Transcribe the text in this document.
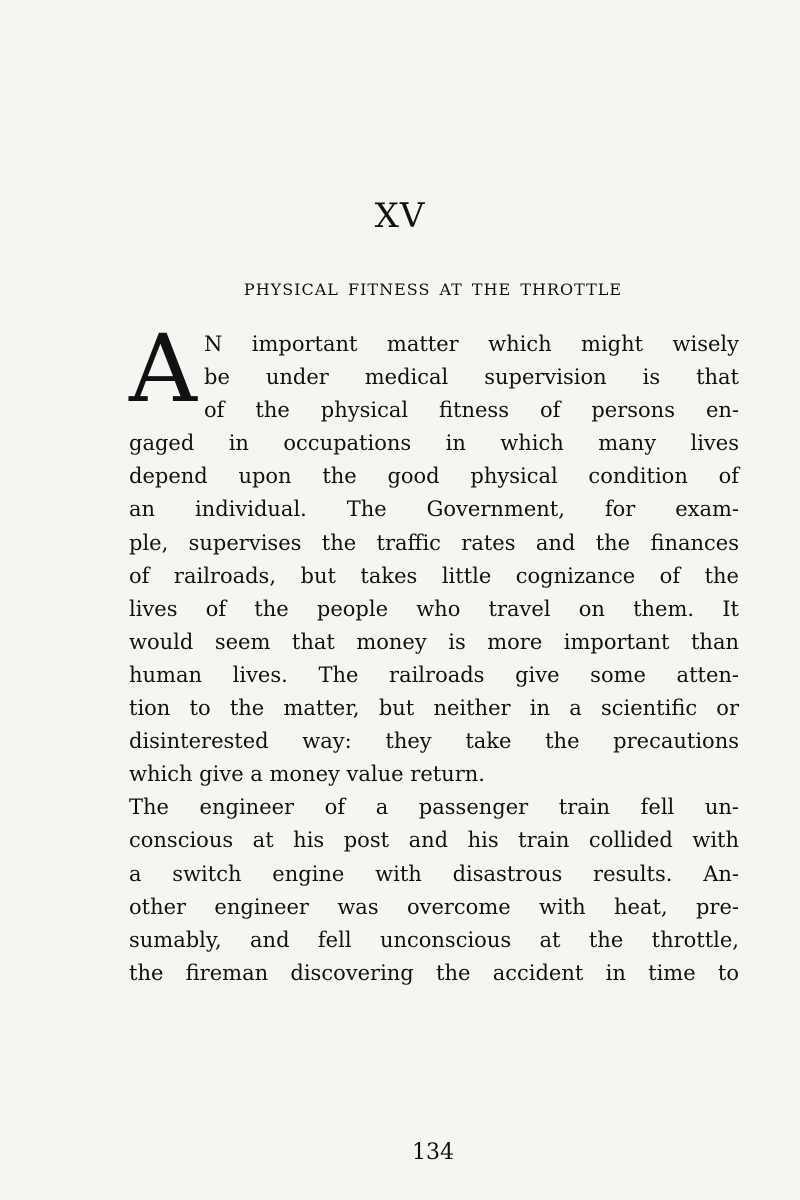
XV
PHYSICAL FITNESS AT THE THROTTLE
A N important matter which might wisely
be under medical supervision is that
of the physical fitness of persons en-
gaged in occupations in which many lives
depend upon the good physical condition of
an individual. The Government, for exam-
ple, supervises the traffic rates and the finances
of railroads, but takes little cognizance of the
lives of the people who travel on them. It
would seem that money is more important than
human lives. The railroads give some atten-
tion to the matter, but neither in a scientific or
disinterested way: they take the precautions
which give a money value return.
The engineer of a passenger train fell un-
conscious at his post and his train collided with
a switch engine with disastrous results. An-
other engineer was overcome with heat, pre-
sumably, and fell unconscious at the throttle,
the fireman discovering the accident in time to
134
